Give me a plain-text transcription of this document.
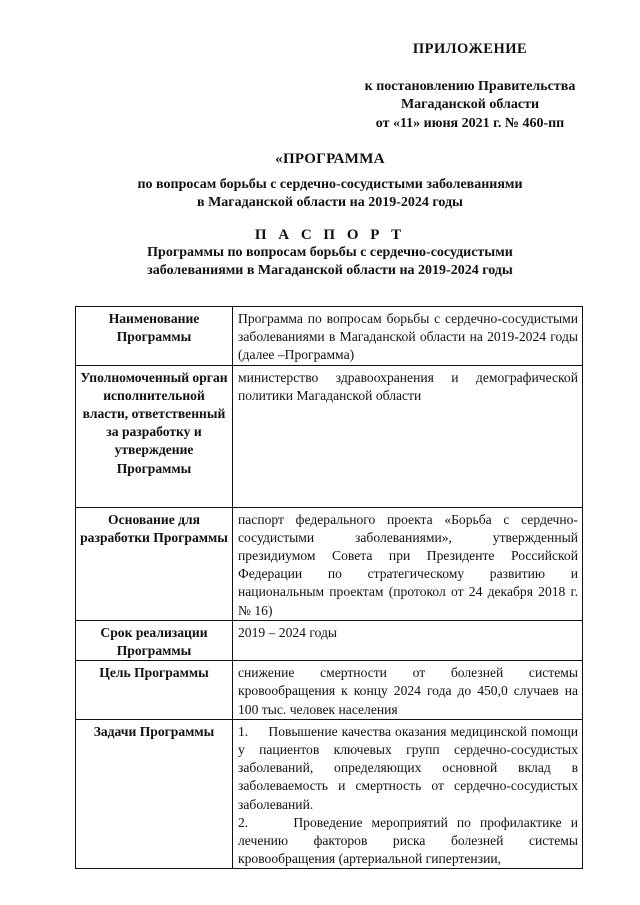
ПРИЛОЖЕНИЕ
к постановлению Правительства
Магаданской области
от «11» июня 2021 г. № 460-пп
«ПРОГРАММА
по вопросам борьбы с сердечно-сосудистыми заболеваниями
в Магаданской области на 2019-2024 годы
П А С П О Р Т
Программы по вопросам борьбы с сердечно-сосудистыми
заболеваниями в Магаданской области на 2019-2024 годы
Наименование Программы	Программа по вопросам борьбы с сердечно-сосудистыми заболеваниями в Магаданской области на 2019-2024 годы (далее –Программа)
Уполномоченный орган исполнительной власти, ответственный за разработку и утверждение Программы	министерство здравоохранения и демографической политики Магаданской области
Основание для разработки Программы	паспорт федерального проекта «Борьба с сердечно-сосудистыми заболеваниями», утвержденный президиумом Совета при Президенте Российской Федерации по стратегическому развитию и национальным проектам (протокол от 24 декабря 2018 г. № 16)
Срок реализации Программы	2019 – 2024 годы
Цель Программы	снижение смертности от болезней системы кровообращения к концу 2024 года до 450,0 случаев на 100 тыс. человек населения
Задачи Программы	1.     Повышение качества оказания медицинской помощи у пациентов ключевых групп сердечно-сосудистых заболеваний, определяющих основной вклад в заболеваемость и смертность от сердечно-сосудистых заболеваний.
2.     Проведение мероприятий по профилактике и лечению факторов риска болезней системы кровообращения (артериальной гипертензии,
